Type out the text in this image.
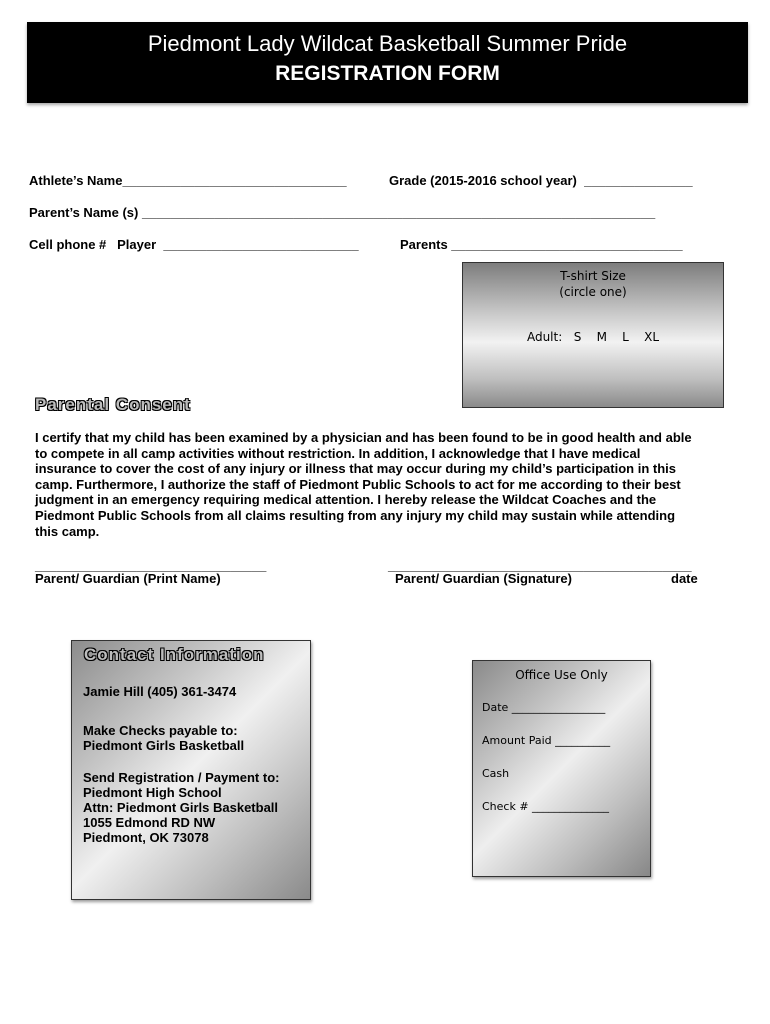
Piedmont Lady Wildcat Basketball Summer Pride
REGISTRATION FORM
Athlete’s Name_______________________________	Grade (2015-2016 school year)  _______________
Parent’s Name (s) _______________________________________________________________________
Cell phone #   Player  ___________________________	Parents ________________________________
T-shirt Size
(circle one)
Adult:   S    M    L    XL
Parental Consent
I certify that my child has been examined by a physician and has been found to be in good health and able
to compete in all camp activities without restriction. In addition, I acknowledge that I have medical
insurance to cover the cost of any injury or illness that may occur during my child’s participation in this
camp. Furthermore, I authorize the staff of Piedmont Public Schools to act for me according to their best
judgment in an emergency requiring medical attention. I hereby release the Wildcat Coaches and the
Piedmont Public Schools from all claims resulting from any injury my child may sustain while attending
this camp.
________________________________	__________________________________________
Parent/ Guardian (Print Name)	Parent/ Guardian (Signature)	date
Contact Information
Jamie Hill (405) 361-3474
Make Checks payable to:
Piedmont Girls Basketball
Send Registration / Payment to:
Piedmont High School
Attn: Piedmont Girls Basketball
1055 Edmond RD NW
Piedmont, OK 73078
Office Use Only
Date _________________
Amount Paid __________
Cash
Check # ______________
